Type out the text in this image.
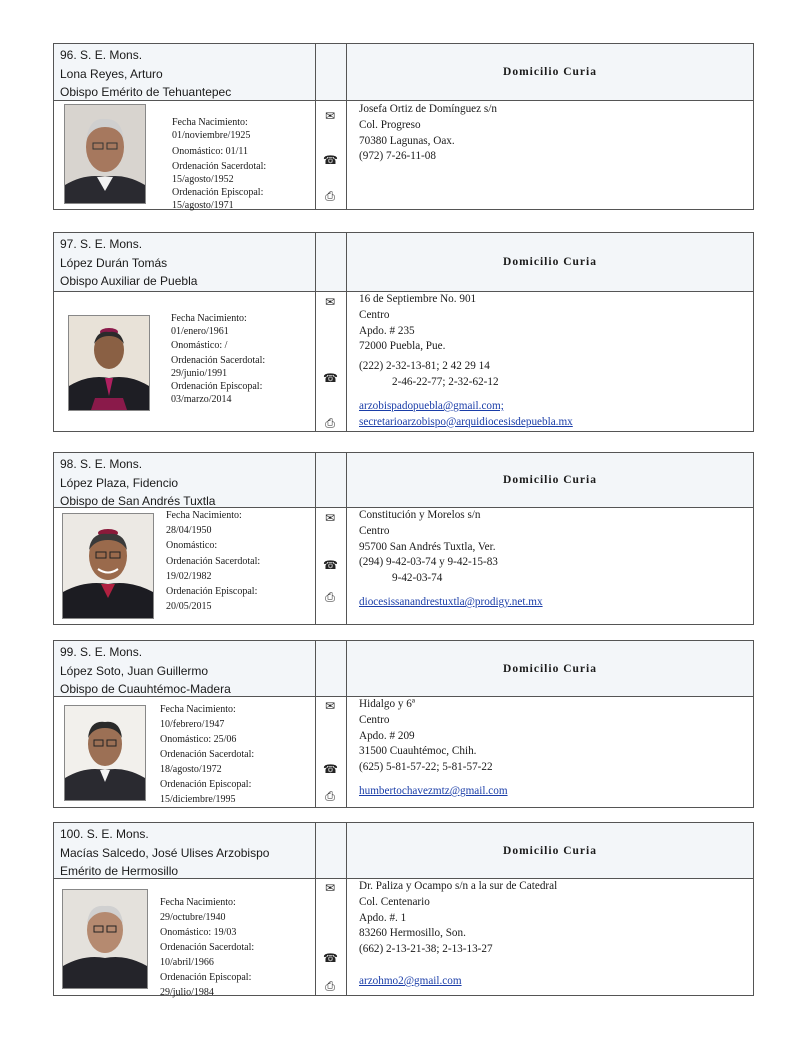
96. S. E. Mons.
Lona Reyes, Arturo
Obispo Emérito de Tehuantepec
Domicilio Curia
Fecha Nacimiento:
01/noviembre/1925
Onomástico: 01/11
Ordenación Sacerdotal:
15/agosto/1952
Ordenación Episcopal:
15/agosto/1971
✉
☎
⎙
Josefa Ortiz de Domínguez s/n
Col. Progreso
70380 Lagunas, Oax.
(972) 7-26-11-08
97. S. E. Mons.
López Durán Tomás
Obispo Auxiliar de Puebla
Domicilio Curia
Fecha Nacimiento:
01/enero/1961
Onomástico: /
Ordenación Sacerdotal:
29/junio/1991
Ordenación Episcopal:
03/marzo/2014
✉
☎
⎙
16 de Septiembre No. 901
Centro
Apdo. # 235
72000 Puebla, Pue.
(222) 2-32-13-81; 2 42 29 14
2-46-22-77; 2-32-62-12
arzobispadopuebla@gmail.com;
secretarioarzobispo@arquidiocesisdepuebla.mx
98. S. E. Mons.
López Plaza, Fidencio
Obispo de San Andrés Tuxtla
Domicilio Curia
Fecha Nacimiento:
28/04/1950
Onomástico:
Ordenación Sacerdotal:
19/02/1982
Ordenación Episcopal:
20/05/2015
✉
☎
⎙
Constitución y Morelos s/n
Centro
95700 San Andrés Tuxtla, Ver.
(294) 9-42-03-74 y 9-42-15-83
9-42-03-74
diocesissanandrestuxtla@prodigy.net.mx
99. S. E. Mons.
López Soto, Juan Guillermo
Obispo de Cuauhtémoc-Madera
Domicilio Curia
Fecha Nacimiento:
10/febrero/1947
Onomástico: 25/06
Ordenación Sacerdotal:
18/agosto/1972
Ordenación Episcopal:
15/diciembre/1995
✉
☎
⎙
Hidalgo y 6ª
Centro
Apdo. # 209
31500 Cuauhtémoc, Chih.
(625) 5-81-57-22; 5-81-57-22
humbertochavezmtz@gmail.com
100. S. E. Mons.
Macías Salcedo, José Ulises Arzobispo
Emérito de Hermosillo
Domicilio Curia
Fecha Nacimiento:
29/octubre/1940
Onomástico: 19/03
Ordenación Sacerdotal:
10/abril/1966
Ordenación Episcopal:
29/julio/1984
✉
☎
⎙
Dr. Paliza y Ocampo s/n a la sur de Catedral
Col. Centenario
Apdo. #. 1
83260 Hermosillo, Son.
(662) 2-13-21-38; 2-13-13-27
arzohmo2@gmail.com
